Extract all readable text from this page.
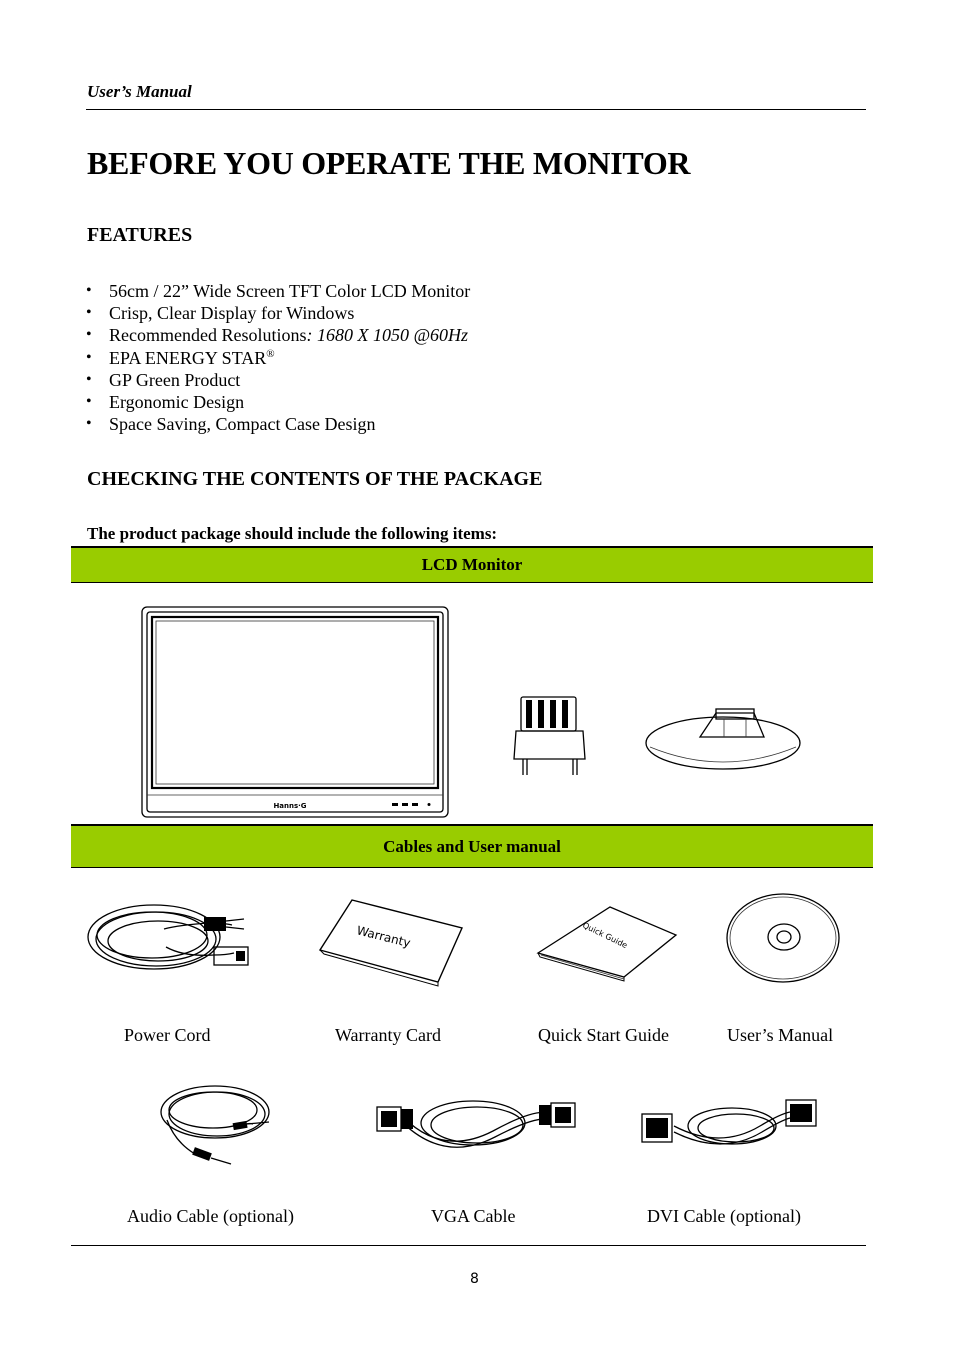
User’s Manual
BEFORE YOU OPERATE THE MONITOR
FEATURES
• 56cm / 22” Wide Screen TFT Color LCD Monitor
• Crisp, Clear Display for Windows
• Recommended Resolutions: 1680 X 1050 @60Hz
• EPA ENERGY STAR®
• GP Green Product
• Ergonomic Design
• Space Saving, Compact Case Design
CHECKING THE CONTENTS OF THE PACKAGE
The product package should include the following items:
LCD Monitor
Hanns·G
Cables and User manual
Warranty	Quick Guide
Power Cord	Warranty Card	Quick Start Guide	User’s Manual
Audio Cable (optional)	VGA Cable	DVI Cable (optional)
8
